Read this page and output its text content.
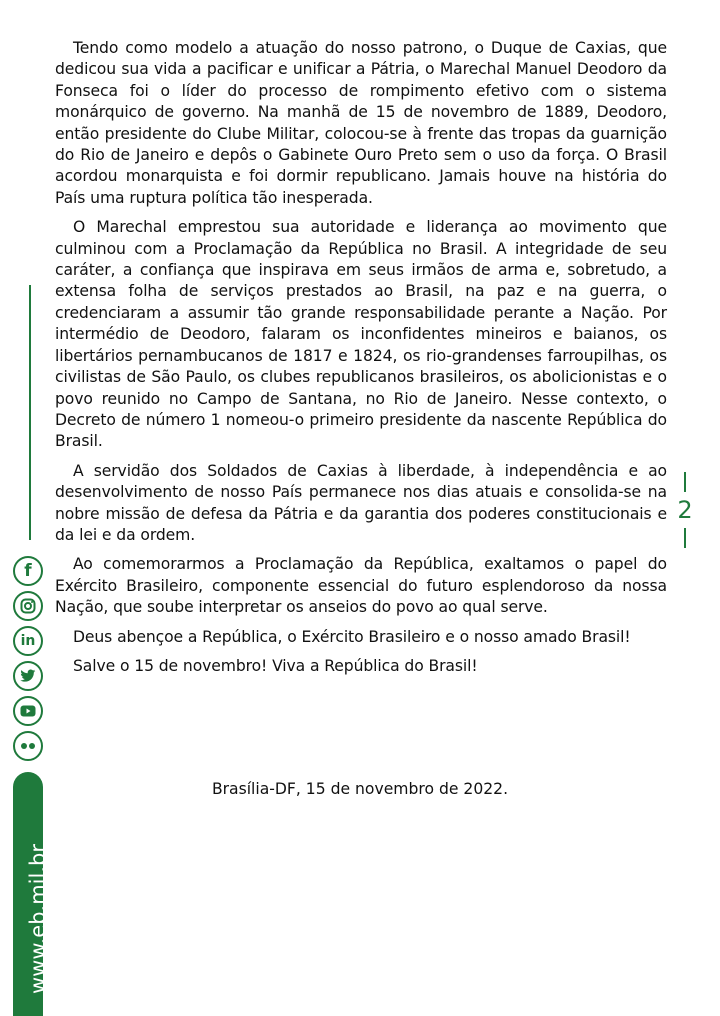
Tendo como modelo a atuação do nosso patrono, o Duque de Caxias, que dedicou sua vida a pacificar e unificar a Pátria, o Marechal Manuel Deodoro da Fonseca foi o líder do processo de rompimento efetivo com o sistema monárquico de governo. Na manhã de 15 de novembro de 1889, Deodoro, então presidente do Clube Militar, colocou-se à frente das tropas da guarnição do Rio de Janeiro e depôs o Gabinete Ouro Preto sem o uso da força. O Brasil acordou monarquista e foi dormir republicano. Jamais houve na história do País uma ruptura política tão inesperada.

O Marechal emprestou sua autoridade e liderança ao movimento que culminou com a Proclamação da República no Brasil. A integridade de seu caráter, a confiança que inspirava em seus irmãos de arma e, sobretudo, a extensa folha de serviços prestados ao Brasil, na paz e na guerra, o credenciaram a assumir tão grande responsabilidade perante a Nação. Por intermédio de Deodoro, falaram os inconfidentes mineiros e baianos, os libertários pernambucanos de 1817 e 1824, os rio-grandenses farroupilhas, os civilistas de São Paulo, os clubes republicanos brasileiros, os abolicionistas e o povo reunido no Campo de Santana, no Rio de Janeiro. Nesse contexto, o Decreto de número 1 nomeou-o primeiro presidente da nascente República do Brasil.

A servidão dos Soldados de Caxias à liberdade, à independência e ao desenvolvimento de nosso País permanece nos dias atuais e consolida-se na nobre missão de defesa da Pátria e da garantia dos poderes constitucionais e da lei e da ordem.

Ao comemorarmos a Proclamação da República, exaltamos o papel do Exército Brasileiro, componente essencial do futuro esplendoroso da nossa Nação, que soube interpretar os anseios do povo ao qual serve.

Deus abençoe a República, o Exército Brasileiro e o nosso amado Brasil!

Salve o 15 de novembro! Viva a República do Brasil!

Brasília-DF, 15 de novembro de 2022.
f
in
www.eb.mil.br
2
